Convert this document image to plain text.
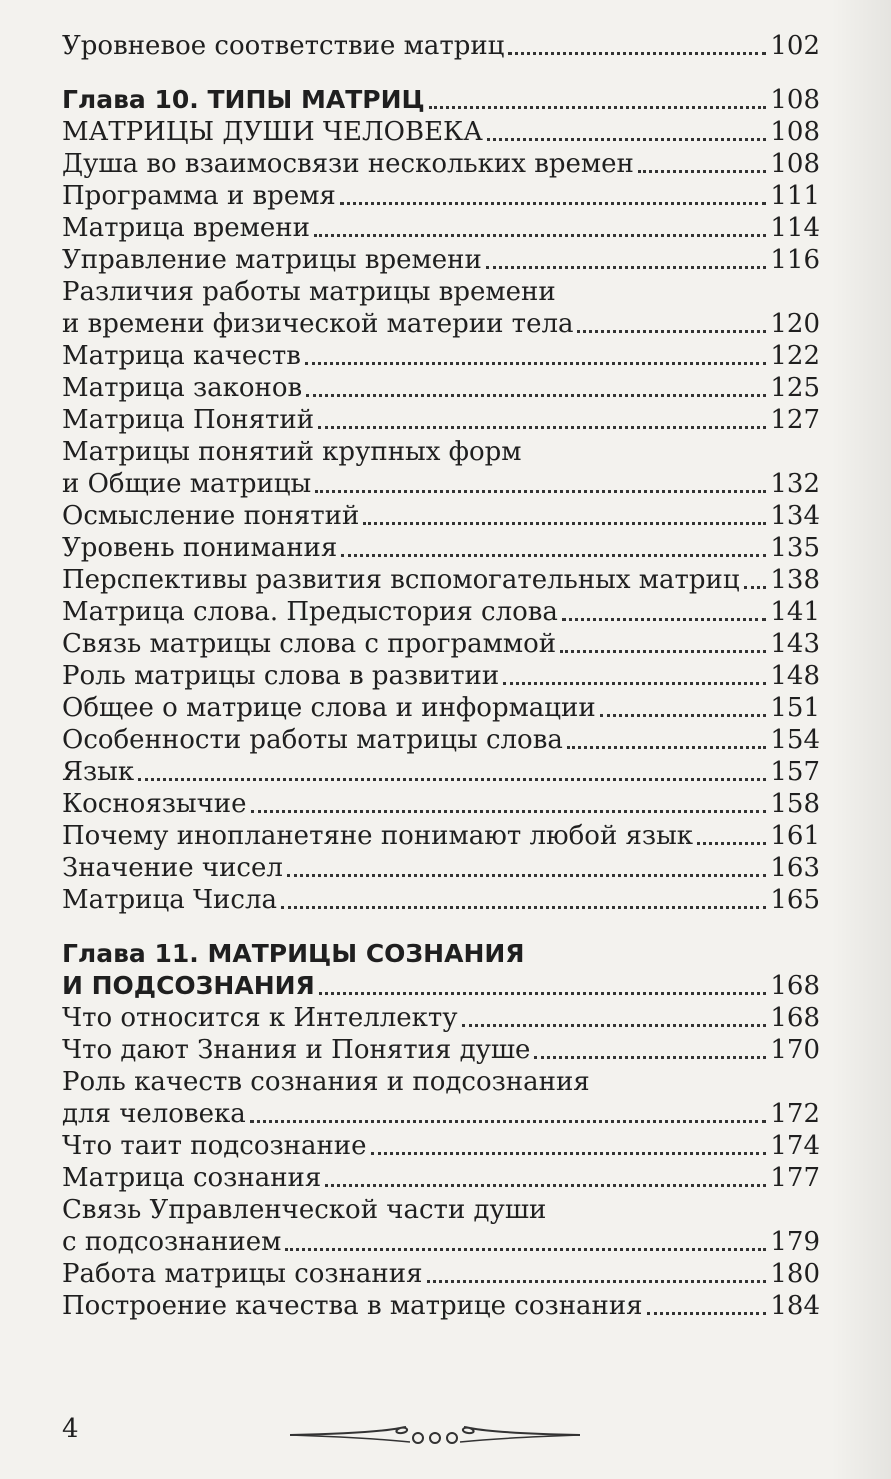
Уровневое соответствие матриц	102
Глава 10. ТИПЫ МАТРИЦ	108
МАТРИЦЫ ДУШИ ЧЕЛОВЕКА	108
Душа во взаимосвязи нескольких времен	108
Программа и время	111
Матрица времени	114
Управление матрицы времени	116
Различия работы матрицы времени
и времени физической материи тела	120
Матрица качеств	122
Матрица законов	125
Матрица Понятий	127
Матрицы понятий крупных форм
и Общие матрицы	132
Осмысление понятий	134
Уровень понимания	135
Перспективы развития вспомогательных матриц 138
Матрица слова. Предыстория слова	141
Связь матрицы слова с программой	143
Роль матрицы слова в развитии	148
Общее о матрице слова и информации	151
Особенности работы матрицы слова	154
Язык	157
Косноязычие	158
Почему инопланетяне понимают любой язык	161
Значение чисел	163
Матрица Числа	165
Глава 11. МАТРИЦЫ СОЗНАНИЯ
И ПОДСОЗНАНИЯ	168
Что относится к Интеллекту	168
Что дают Знания и Понятия душе	170
Роль качеств сознания и подсознания
для человека	172
Что таит подсознание	174
Матрица сознания	177
Связь Управленческой части души
с подсознанием	179
Работа матрицы сознания	180
Построение качества в матрице сознания	184
4
